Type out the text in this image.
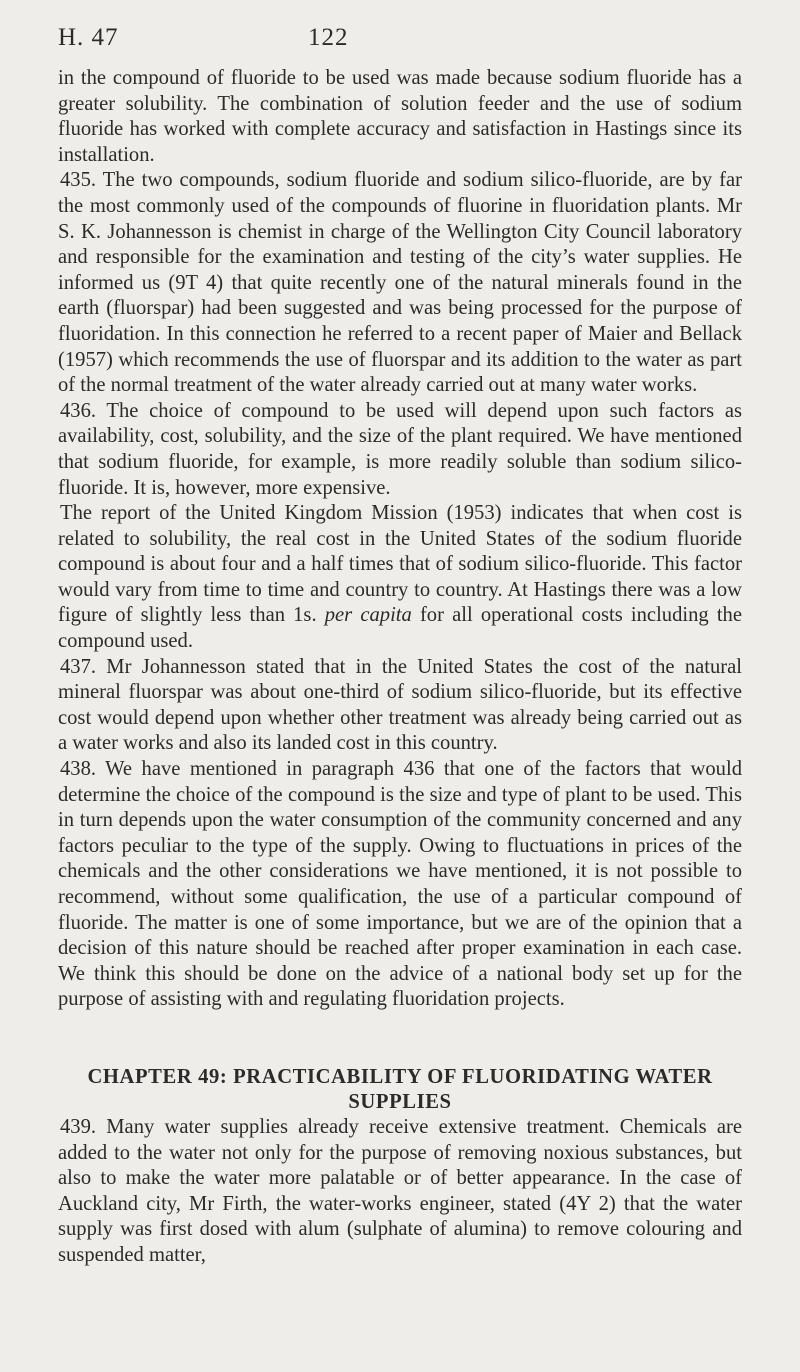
H. 47	122

in the compound of fluoride to be used was made because sodium fluoride has a greater solubility. The combination of solution feeder and the use of sodium fluoride has worked with complete accuracy and satisfaction in Hastings since its installation.

435. The two compounds, sodium fluoride and sodium silico-fluoride, are by far the most commonly used of the compounds of fluorine in fluoridation plants. Mr S. K. Johannesson is chemist in charge of the Wellington City Council laboratory and responsible for the examination and testing of the city’s water supplies. He informed us (9T 4) that quite recently one of the natural minerals found in the earth (fluorspar) had been suggested and was being processed for the purpose of fluoridation. In this connection he referred to a recent paper of Maier and Bellack (1957) which recommends the use of fluorspar and its addition to the water as part of the normal treatment of the water already carried out at many water works.

436. The choice of compound to be used will depend upon such factors as availability, cost, solubility, and the size of the plant required. We have mentioned that sodium fluoride, for example, is more readily soluble than sodium silico-fluoride. It is, however, more expensive.

The report of the United Kingdom Mission (1953) indicates that when cost is related to solubility, the real cost in the United States of the sodium fluoride compound is about four and a half times that of sodium silico-fluoride. This factor would vary from time to time and country to country. At Hastings there was a low figure of slightly less than 1s. per capita for all operational costs including the compound used.

437. Mr Johannesson stated that in the United States the cost of the natural mineral fluorspar was about one-third of sodium silico-fluoride, but its effective cost would depend upon whether other treatment was already being carried out as a water works and also its landed cost in this country.

438. We have mentioned in paragraph 436 that one of the factors that would determine the choice of the compound is the size and type of plant to be used. This in turn depends upon the water consumption of the community concerned and any factors peculiar to the type of the supply. Owing to fluctuations in prices of the chemicals and the other considerations we have mentioned, it is not possible to recommend, without some qualification, the use of a particular compound of fluoride. The matter is one of some importance, but we are of the opinion that a decision of this nature should be reached after proper examination in each case. We think this should be done on the advice of a national body set up for the purpose of assisting with and regulating fluoridation projects.

CHAPTER 49: PRACTICABILITY OF FLUORIDATING WATER SUPPLIES

439. Many water supplies already receive extensive treatment. Chemicals are added to the water not only for the purpose of removing noxious substances, but also to make the water more palatable or of better appearance. In the case of Auckland city, Mr Firth, the water-works engineer, stated (4Y 2) that the water supply was first dosed with alum (sulphate of alumina) to remove colouring and suspended matter,
